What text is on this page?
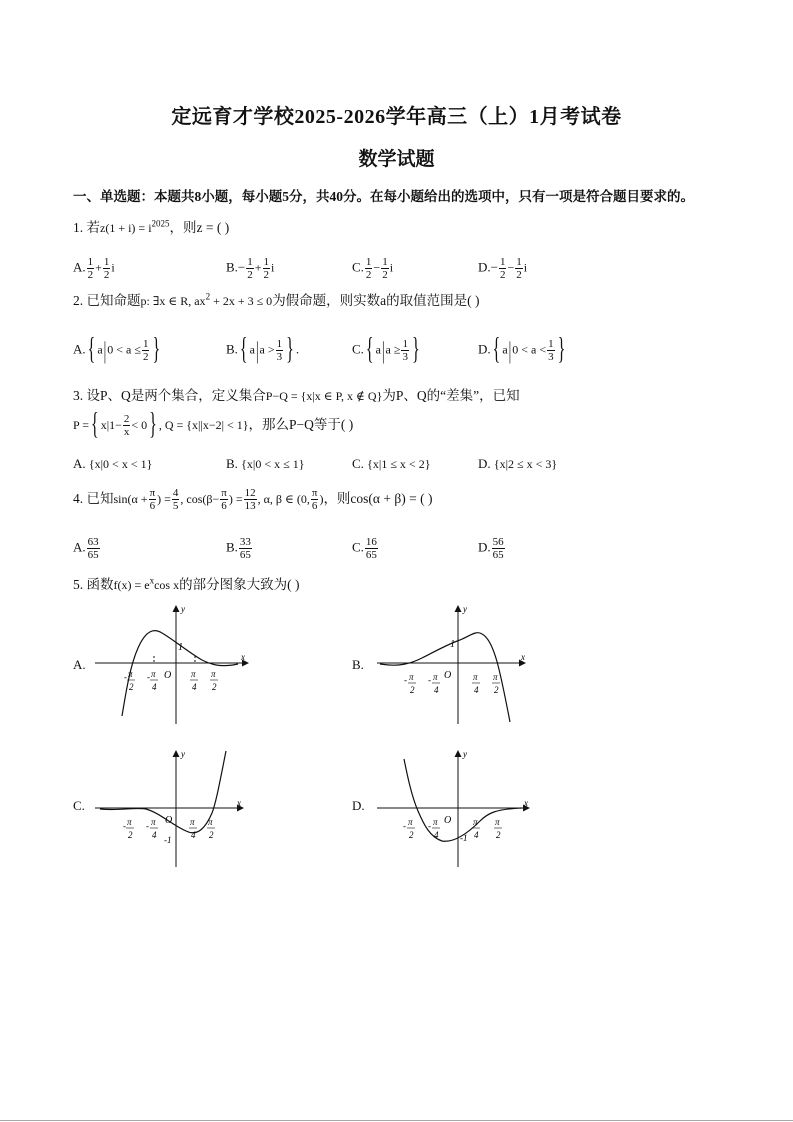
定远育才学校2025-2026学年高三（上）1月考试卷
数学试题
一、单选题：本题共8小题，每小题5分，共40分。在每小题给出的选项中，只有一项是符合题目要求的。
1. 若$z(1 + i) = i^{2025}$，则z = ( )
A. $\frac{1}{2} + \frac{1}{2}$ i	$B.- \frac{1}{2} + \frac{1}{2}$ i	C. $\frac{1}{2} - \frac{1}{2}$ i	$D.- \frac{1}{2} - \frac{1}{2}$ i
2. 已知命题p: ∃x ∈ R, $ax^2 + 2x + 3 \le 0$为假命题，则实数a的取值范围是( )
A. { $a|0 < a \le \frac{1}{2}$ }	B. { $a|a > \frac{1}{3}$ } .	C. { $a|a \ge \frac{1}{3}$ }	D. { $a|0 < a < \frac{1}{3}$ }
3. 设P、Q是两个集合，定义集合P−Q = {x|x ∈ P, x ∉ Q}为P、Q的“差集”，已知
P = { $x|1- \frac{2}{x} < 0$ } , Q = {x||x−2| < 1}，那么P−Q等于( )
A. {x|0 < x < 1}	B. {x|0 < x ≤ 1}	C. {x|1 ≤ x < 2}	D. {x|2 ≤ x < 3}
4. 已知$\sin(\alpha + \frac{\pi}{6}$ ) = $\frac{4}{5}$ , $\cos(\beta- \frac{\pi}{6}$ ) = $\frac{12}{13}$ , α, β ∈ (0, $\frac{\pi}{6}$ )，则cos(α + β) = ( )
A. $\frac{63}{65}$	B. $\frac{33}{65}$	C. $\frac{16}{65}$	D. $\frac{56}{65}$
5. 函数$f(x) = e^x\cos$ x的部分图象大致为( )
A.	B.
C.	D.
1
O
y
x
- π
2
- π
4
π
4
π
2
1
O
y
x
- π
2
- π
4
π
4
π
2
O
-1
y
x
- π
2
- π
4
π
4
π
2
O
-1
y
x
- π
2
- π
4
π
4
π
2
